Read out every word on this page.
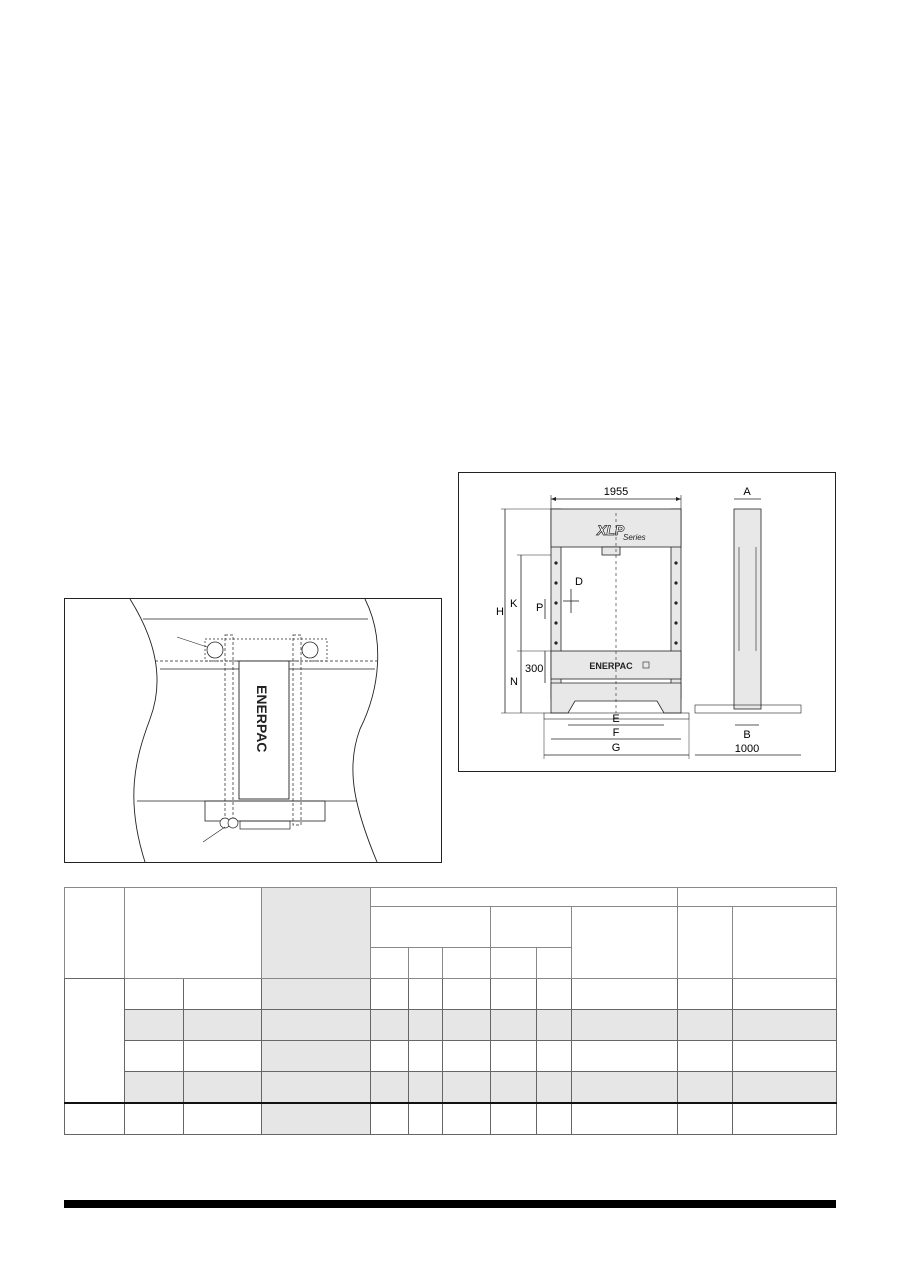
1955
XLP
Series
ENERPAC
H
K
300
N
P
D
E
F
G
A
B
1000
ENERPAC
